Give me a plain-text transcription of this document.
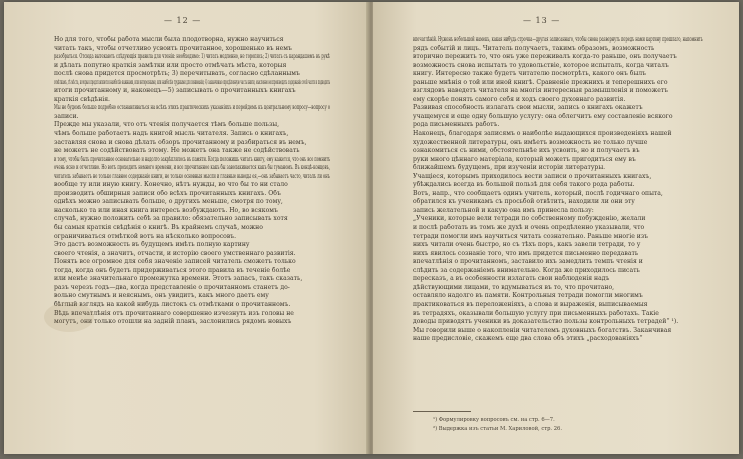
— 12 —
Но для того, чтобы работа мысли была плодотворна, нужно научиться
читать такъ, чтобы отчетливо усвоить прочитанное, хорошенько въ немъ
разобраться. Отсюда вытекають слѣдующія правила для чтенія: необходимо: 1) читать медленно, не торопясь; 2) читать съ карандашемъ въ рукѣ
и дѣлать попутно краткія замѣтки или просто отмѣчать мѣста, которыя
послѣ снова придется просмотрѣть; 3) перечитывать, согласно сдѣланнымъ
отмѣткамъ, тѣ мѣста, которыя представляются наиболѣе важными, или интересными, или наиболѣе трудными для пониманія; 4) заканчивая опредѣленную часть книги, мысленно воспроизводить содержаніе этой части и подводить
итоги прочитанному и, наконецъ—5) записывать о прочитанныхъ книгахъ
краткія свѣдѣнія.
Мы не будемъ больше подробно останавливаться на всѣхъ этихъ практическихъ указаніяхъ и перейдемъ къ центральному вопросу—вопросу о
записи.
Прежде мы указали, что отъ чтенія получается тѣмъ больше пользы,
чѣмъ больше работаетъ надъ книгой мысль читателя. Запись о книгахъ,
заставляя снова и снова дѣлать обзоръ прочитанному и разбираться въ немъ,
не можетъ не содѣйствовать этому. Не можетъ она также не содѣйствовать
и тому, чтобы быть прочитанное основательно и надолго закрѣплялось въ памяти. Когда положишь читать книгу, ему кажется, что онъ все помнитъ
очень ясно и отчетливо. Но вотъ проходитъ немного времени, и все прочитанное какъ бы заволакивается какъ бы туманомъ. Въ концѣ-концовъ,
читатель забываетъ не только главное содержаніе книги, не только основныя мысли и главные выводы ея,—онъ забываетъ часто, читалъ ли онъ
вообще ту или иную книгу. Конечно, нѣтъ нужды, во что бы то ни стало
производить обширныя записи обо всѣхъ прочитанныхъ книгахъ. Объ
однѣхъ можно записывать больше, о другихъ меньше, смотря по тому,
насколько та или иная книга интересъ возбуждаютъ. Но, во всякомъ
случаѣ, нужно положить себѣ за правило: обязательно записывать хотя
бы самыя краткія свѣдѣнія о книгѣ. Въ крайнемъ случаѣ, можно
ограничиваться отмѣткой вотъ на нѣсколько вопросовъ.
Это дастъ возможность въ будущемъ имѣть полную картину
своего чтенія, а значитъ, отчасти, и исторію своего умственнаго развитія.
Понять все огромное для себя значеніе записей читатель сможетъ только
тогда, когда онъ будетъ придерживаться этого правила въ теченіе болѣе
или менѣе значительнаго промежутка времени. Этотъ запасъ, такъ сказать,
разъ черезъ годъ—два, когда представленіе о прочитанномъ станетъ до-
вольно смутнымъ и неяснымъ, онъ увидитъ, какъ много даетъ ему
бѣглый взглядъ на какой нибудь листокъ съ отмѣтками о прочитанномъ.
Вѣдь впечатлѣнія отъ прочитаннаго совершенно изчезнуть изъ головы не
могутъ, они только отошли на задній планъ, заслонились рядомъ новыхъ
— 13 —
впечатлѣній. Нуженъ небольшой намекъ, какая нибудь строчка—другая записаннаго, чтобы снова развернуть передъ нами картину прошлаго, напомнить
рядъ событій и лицъ. Читатель получаетъ, такимъ образомъ, возможность
вторично пережить то, что онъ уже переживалъ когда-то раньше, онъ получаетъ
возможность снова испытать то удовольствіе, которое испыталъ, когда читалъ
книгу. Интересно также будетъ читателю посмотрѣть, какого онъ былъ
раньше мнѣнія о той или иной книгѣ. Сравненіе прежнихъ и теперешнихъ его
взглядовъ наведетъ читателя на многія интересныя размышленія и поможетъ
ему скорѣе понять самого себя и ходъ своего духовнаго развитія.
Развивая способность излагать свои мысли, запись о книгахъ окажетъ
учащемуся и еще одну большую услугу: она облегчитъ ему составленіе всякого
рода письменныхъ работъ.
Наконецъ, благодаря записямъ о наиболѣе выдающихся произведеніяхъ нашей
художественной литературы, онъ имѣетъ возможность не только лучше
ознакомиться съ ними, обстоятельнѣе ихъ усвоить, но и получаетъ въ
руки много цѣннаго матеріала, который можетъ пригодиться ему въ
ближайшемъ будущемъ, при изученіи исторіи литературы.
Учащіеся, которымъ приходилось вести записи о прочитанныхъ книгахъ,
убѣждались всегда въ большой пользѣ для себя такого рода работы.
Вотъ, напр., что сообщаетъ одинъ учитель, который, послѣ годичнаго опыта,
обратился къ ученикамъ съ просьбой отвѣтить, находили ли они эту
запись желательной и какую она имъ принесла пользу:
„Ученики, которые вели тетради по собственному побужденію, желали
и послѣ работать въ томъ же духѣ и очень опредѣленно указывали, что
тетради помогли имъ научиться читать сознательно. Раньше многіе изъ
нихъ читали очень быстро, но съ тѣхъ поръ, какъ завели тетради, то у
нихъ явилось сознаніе того, что имъ придется письменно передавать
впечатлѣнія о прочитанномъ, заставило ихъ замедлить темпъ чтенія и
слѣдить за содержаніемъ внимательно. Когда же приходилось писать
пересказъ, а въ особенности излагать свои наблюденія надъ
дѣйствующими лицами, то вдумываться въ то, что прочитано,
оставляло надолго въ памяти. Контрольныя тетради помогли многимъ
практиковаться въ переложеніяхъ, а слова и выраженія, выписываемыя
въ тетрадяхъ, оказывали большую услугу при письменныхъ работахъ. Такіе
доводы приводятъ ученики въ доказательство пользы контрольныхъ тетрадей“ ¹).
Мы говорили выше о накопленіи читателемъ духовныхъ богатствъ. Заканчивая
наше предисловіе, скажемъ еще два слова объ этихъ „расходованіяхъ“
¹) Формулировку вопросовъ см. на стр. 6—7.
²) Выдержка изъ статьи М. Хариловой, стр. 26.
